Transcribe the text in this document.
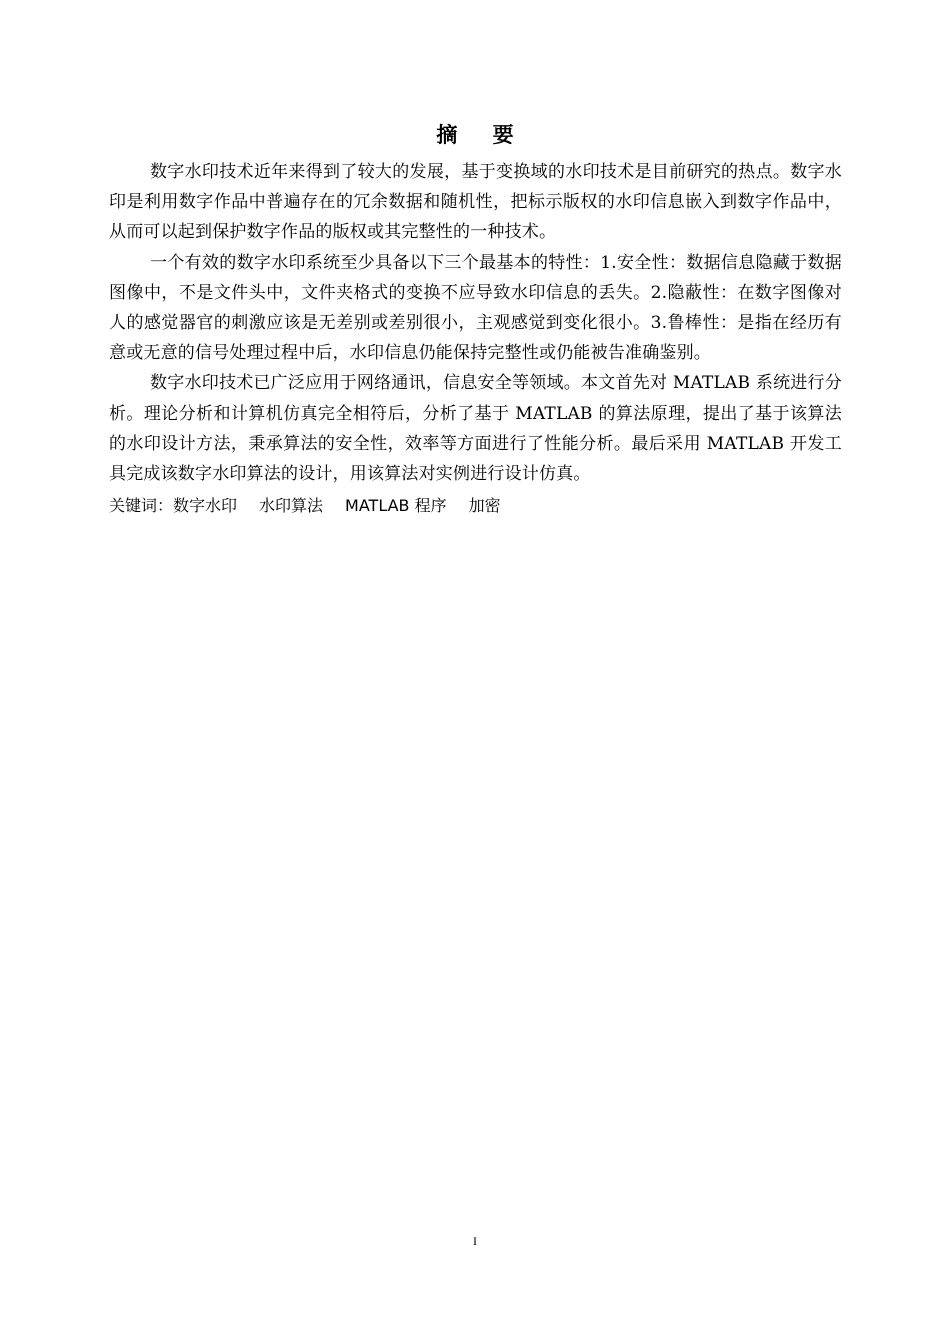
摘 要

数字水印技术近年来得到了较大的发展，基于变换域的水印技术是目前研究的热点。数字水印是利用数字作品中普遍存在的冗余数据和随机性，把标示版权的水印信息嵌入到数字作品中，从而可以起到保护数字作品的版权或其完整性的一种技术。

一个有效的数字水印系统至少具备以下三个最基本的特性：1.安全性：数据信息隐藏于数据图像中，不是文件头中，文件夹格式的变换不应导致水印信息的丢失。2.隐蔽性：在数字图像对人的感觉器官的刺激应该是无差别或差别很小，主观感觉到变化很小。3.鲁棒性：是指在经历有意或无意的信号处理过程中后，水印信息仍能保持完整性或仍能被告准确鉴别。

数字水印技术已广泛应用于网络通讯，信息安全等领域。本文首先对 MATLAB 系统进行分析。理论分析和计算机仿真完全相符后，分析了基于 MATLAB 的算法原理，提出了基于该算法的水印设计方法，秉承算法的安全性，效率等方面进行了性能分析。最后采用 MATLAB 开发工具完成该数字水印算法的设计，用该算法对实例进行设计仿真。

关键词：数字水印 水印算法 MATLAB 程序 加密
I
